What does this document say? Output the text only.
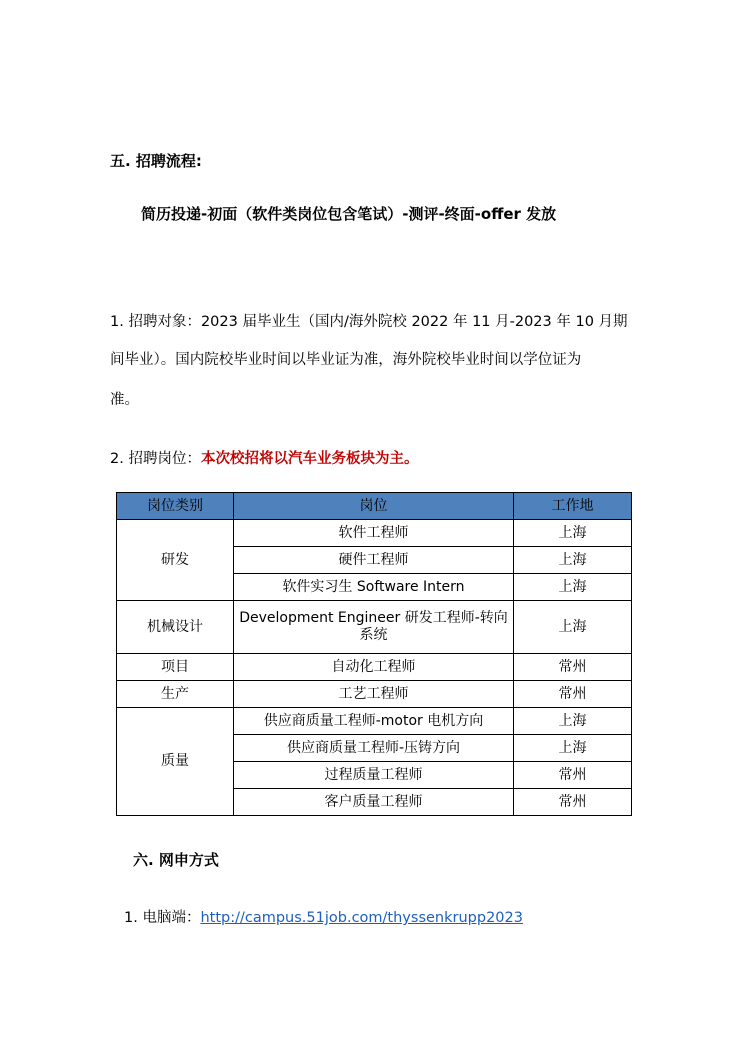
五. 招聘流程:
简历投递-初面（软件类岗位包含笔试）-测评-终面-offer 发放
1. 招聘对象：2023 届毕业生（国内/海外院校 2022 年 11 月-2023 年 10 月期
间毕业）。国内院校毕业时间以毕业证为准，海外院校毕业时间以学位证为
准。
2. 招聘岗位：本次校招将以汽车业务板块为主。
岗位类别	岗位	工作地
研发	软件工程师	上海
	硬件工程师	上海
	软件实习生 Software Intern	上海
机械设计	Development Engineer 研发工程师-转向系统	上海
项目	自动化工程师	常州
生产	工艺工程师	常州
质量	供应商质量工程师-motor 电机方向	上海
	供应商质量工程师-压铸方向	上海
	过程质量工程师	常州
	客户质量工程师	常州
六. 网申方式
1. 电脑端：http://campus.51job.com/thyssenkrupp2023
